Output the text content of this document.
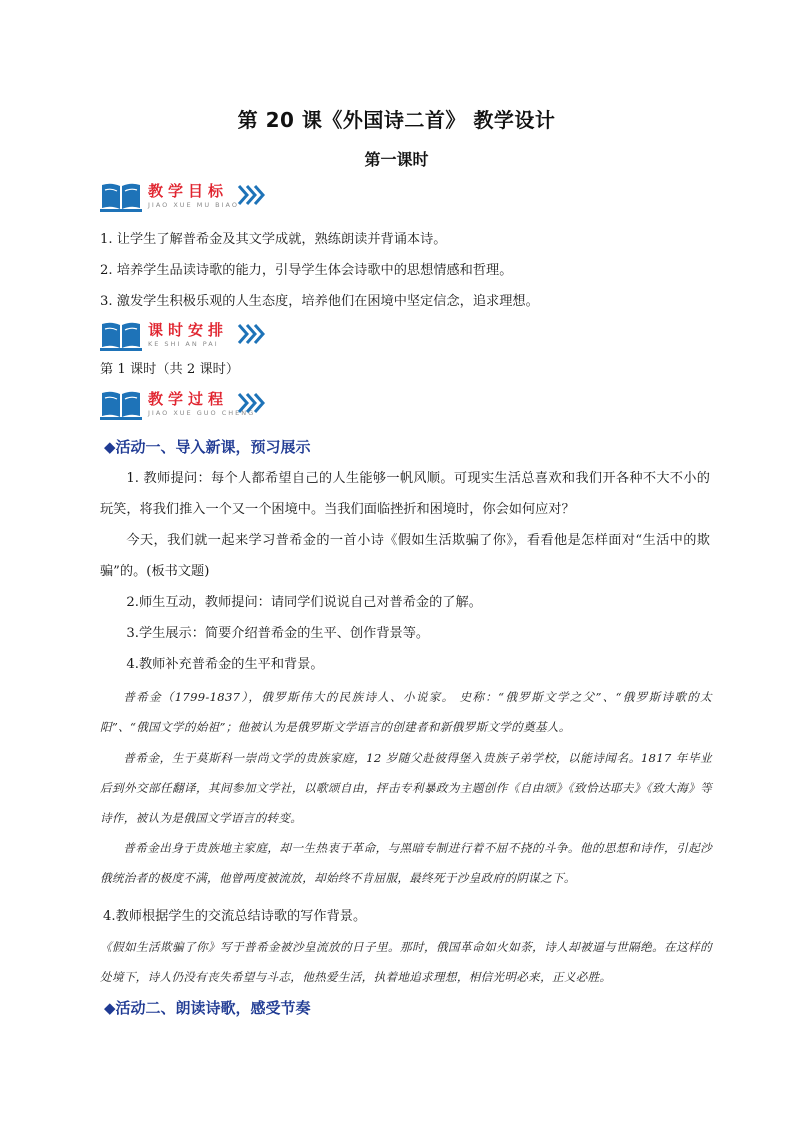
第 20 课《外国诗二首》 教学设计
第一课时
教学目标
JIAO XUE MU BIAO
1. 让学生了解普希金及其文学成就，熟练朗读并背诵本诗。
2. 培养学生品读诗歌的能力，引导学生体会诗歌中的思想情感和哲理。
3. 激发学生积极乐观的人生态度，培养他们在困境中坚定信念，追求理想。
课时安排
KE SHI AN PAI
第 1 课时（共 2 课时）
教学过程
JIAO XUE GUO CHENG
◆活动一、导入新课，预习展示
1. 教师提问：每个人都希望自己的人生能够一帆风顺。可现实生活总喜欢和我们开各种不大不小的玩笑，将我们推入一个又一个困境中。当我们面临挫折和困境时，你会如何应对？
今天，我们就一起来学习普希金的一首小诗《假如生活欺骗了你》，看看他是怎样面对“生活中的欺骗”的。(板书文题)
2.师生互动，教师提问：请同学们说说自己对普希金的了解。
3.学生展示：简要介绍普希金的生平、创作背景等。
4.教师补充普希金的生平和背景。
普希金（1799-1837），俄罗斯伟大的民族诗人、小说家。 史称：“俄罗斯文学之父”、“俄罗斯诗歌的太阳”、“俄国文学的始祖”；他被认为是俄罗斯文学语言的创建者和新俄罗斯文学的奠基人。
普希金，生于莫斯科一崇尚文学的贵族家庭，12 岁随父赴彼得堡入贵族子弟学校，以能诗闻名。1817 年毕业后到外交部任翻译，其间参加文学社，以歌颂自由，抨击专利暴政为主题创作《自由颂》《致恰达耶夫》《致大海》等诗作，被认为是俄国文学语言的转变。
普希金出身于贵族地主家庭，却一生热衷于革命，与黑暗专制进行着不屈不挠的斗争。他的思想和诗作，引起沙俄统治者的极度不满，他曾两度被流放，却始终不肯屈服，最终死于沙皇政府的阴谋之下。
4.教师根据学生的交流总结诗歌的写作背景。
《假如生活欺骗了你》写于普希金被沙皇流放的日子里。那时，俄国革命如火如荼，诗人却被逼与世隔绝。在这样的处境下，诗人仍没有丧失希望与斗志，他热爱生活，执着地追求理想，相信光明必来，正义必胜。
◆活动二、朗读诗歌，感受节奏
